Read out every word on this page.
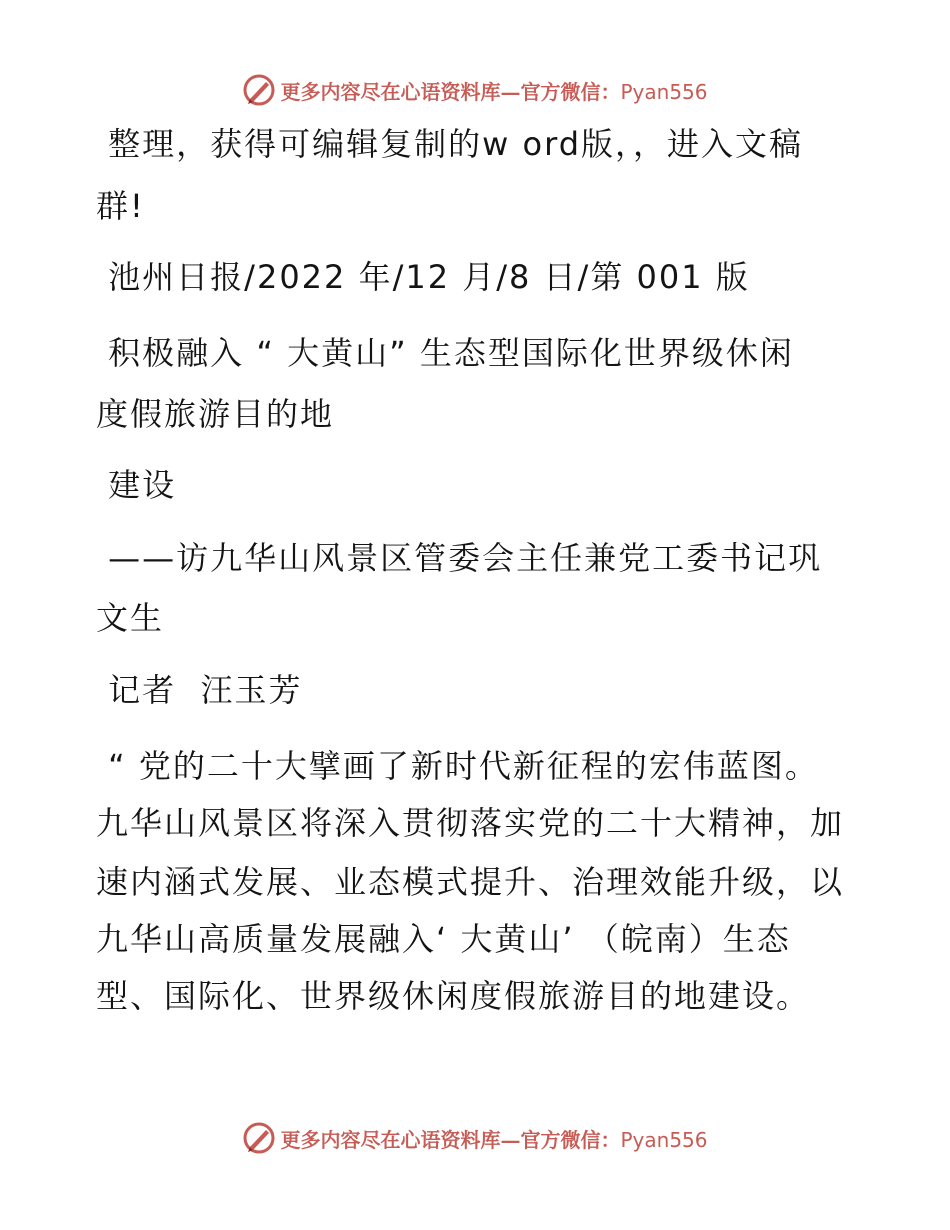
更多内容尽在心语资料库—官方微信：Pyan556
整理，获得可编辑复制的w ord版，，进入文稿
群!
池州日报/2022 年/12 月/8 日/第 001 版
积极融入 “ 大黄山” 生态型国际化世界级休闲
度假旅游目的地
建设
——访九华山风景区管委会主任兼党工委书记巩
文生
记者  汪玉芳
“ 党的二十大擘画了新时代新征程的宏伟蓝图。
九华山风景区将深入贯彻落实党的二十大精神，加
速内涵式发展、业态模式提升、治理效能升级，以
九华山高质量发展融入‘ 大黄山’ （皖南）生态
型、国际化、世界级休闲度假旅游目的地建设。
更多内容尽在心语资料库—官方微信：Pyan556
